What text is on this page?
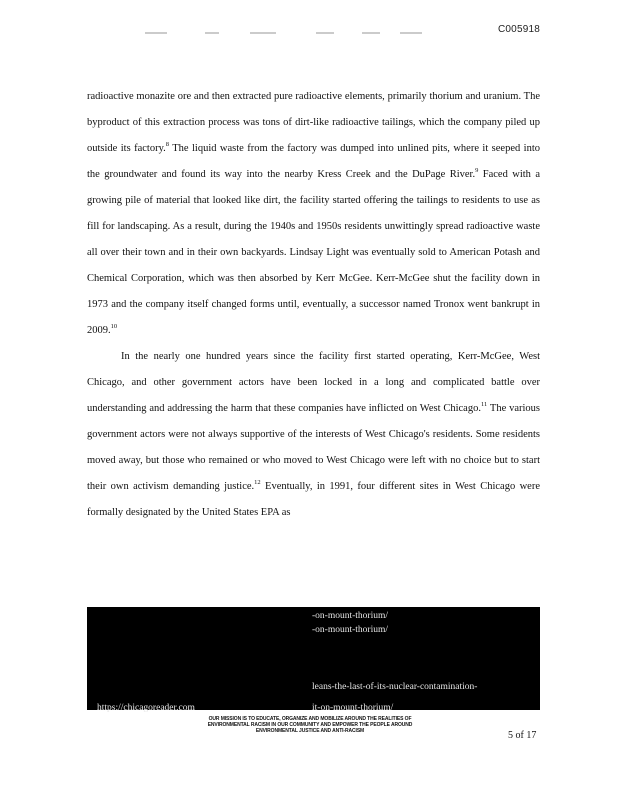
C005918

radioactive monazite ore and then extracted pure radioactive elements, primarily thorium and uranium. The byproduct of this extraction process was tons of dirt-like radioactive tailings, which the company piled up outside its factory.$^8$ The liquid waste from the factory was dumped into unlined pits, where it seeped into the groundwater and found its way into the nearby Kress Creek and the DuPage River.$^9$ Faced with a growing pile of material that looked like dirt, the facility started offering the tailings to residents to use as fill for landscaping. As a result, during the 1940s and 1950s residents unwittingly spread radioactive waste all over their town and in their own backyards. Lindsay Light was eventually sold to American Potash and Chemical Corporation, which was then absorbed by Kerr McGee. Kerr-McGee shut the facility down in 1973 and the company itself changed forms until, eventually, a successor named Tronox went bankrupt in 2009.10

In the nearly one hundred years since the facility first started operating, Kerr-McGee, West Chicago, and other government actors have been locked in a long and complicated battle over understanding and addressing the harm that these companies have inflicted on West Chicago.$^{11}$ The various government actors were not always supportive of the interests of West Chicago's residents. Some residents moved away, but those who remained or who moved to West Chicago were left with no choice but to start their own activism demanding justice.$^{12}$ Eventually, in 1991, four different sites in West Chicago were formally designated by the United States EPA as

-on-mount-thorium/
-on-mount-thorium/
leans-the-last-of-its-nuclear-contamination-
https://chicagoreader.com	it-on-mount-thorium/
OUR MISSION IS TO EDUCATE, ORGANIZE AND MOBILIZE AROUND THE REALITIES OF
ENVIRONMENTAL RACISM IN OUR COMMUNITY AND EMPOWER THE PEOPLE AROUND
ENVIRONMENTAL JUSTICE AND ANTI-RACISM	5 of 17
